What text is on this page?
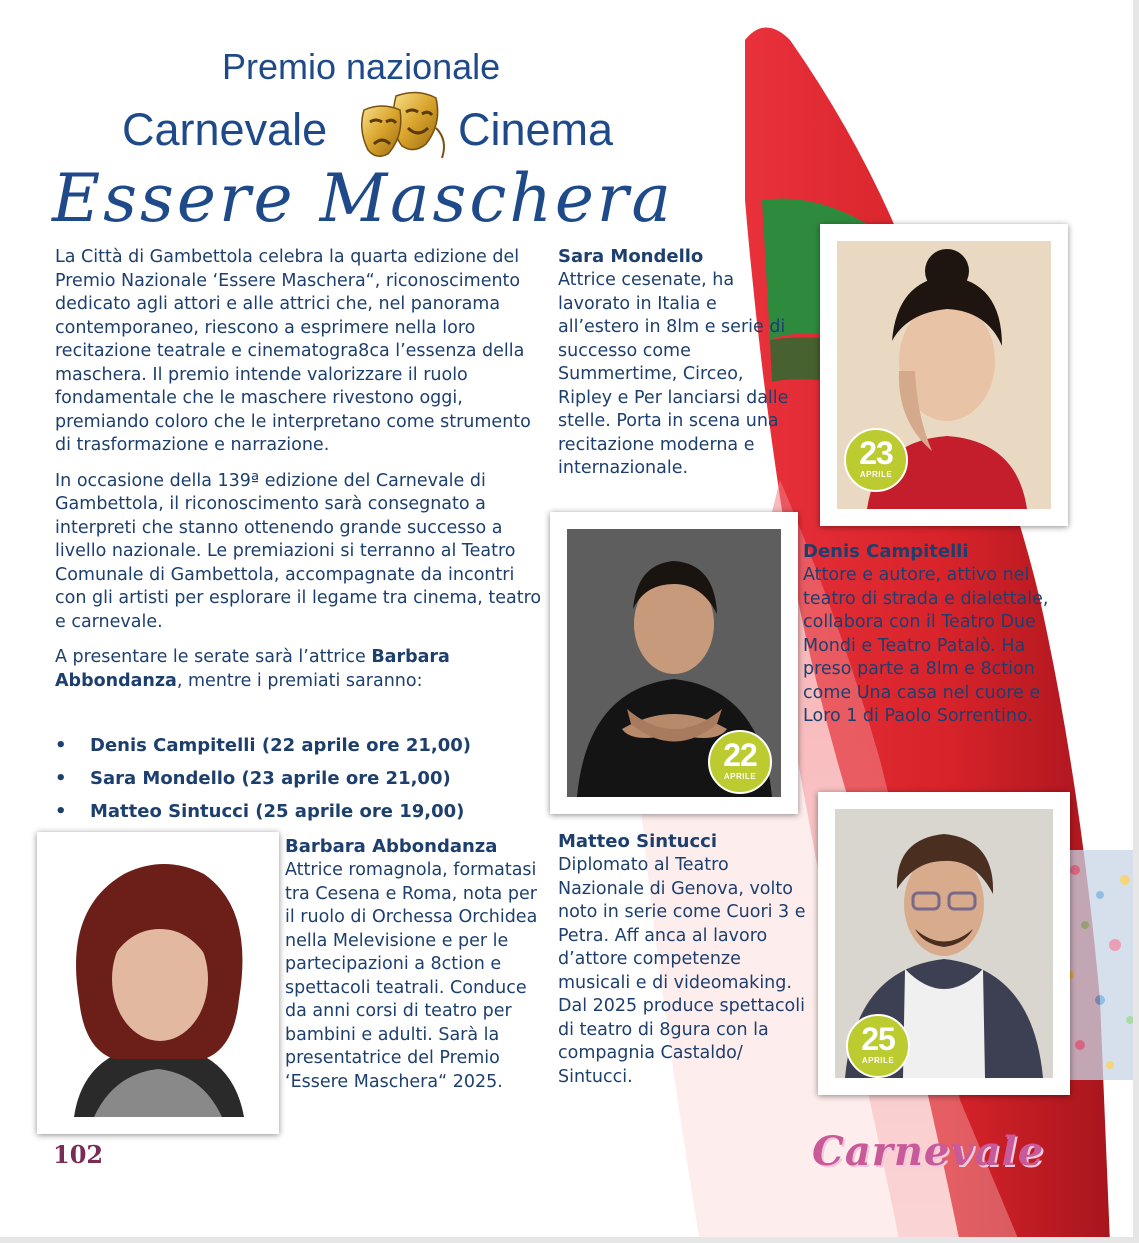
Premio nazionale
Carnevale	Cinema
Essere Maschera

La Città di Gambettola celebra la quarta edizione del Premio Nazionale ‘Essere Maschera“, riconoscimento dedicato agli attori e alle attrici che, nel panorama contemporaneo, riescono a esprimere nella loro recitazione teatrale e cinematogra8ca l’essenza della maschera. Il premio intende valorizzare il ruolo fondamentale che le maschere rivestono oggi, premiando coloro che le interpretano come strumento di trasformazione e narrazione.

In occasione della 139ª edizione del Carnevale di Gambettola, il riconoscimento sarà consegnato a interpreti che stanno ottenendo grande successo a livello nazionale. Le premiazioni si terranno al Teatro Comunale di Gambettola, accompagnate da incontri con gli artisti per esplorare il legame tra cinema, teatro e carnevale.

A presentare le serate sarà l’attrice Barbara Abbondanza, mentre i premiati saranno:

• Denis Campitelli (22 aprile ore 21,00)
• Sara Mondello (23 aprile ore 21,00)
• Matteo Sintucci (25 aprile ore 19,00)
Sara Mondello
Attrice cesenate, ha lavorato in Italia e all’estero in 8lm e serie di successo come Summertime, Circeo, Ripley e Per lanciarsi dalle stelle. Porta in scena una recitazione moderna e internazionale.	23
APRILE
22
APRILE
Denis Campitelli
Attore e autore, attivo nel teatro di strada e dialettale, collabora con il Teatro Due Mondi e Teatro Patalò. Ha preso parte a 8lm e 8ction come Una casa nel cuore e Loro 1 di Paolo Sorrentino.
Barbara Abbondanza
Attrice romagnola, formatasi tra Cesena e Roma, nota per il ruolo di Orchessa Orchidea nella Melevisione e per le partecipazioni a 8ction e spettacoli teatrali. Conduce da anni corsi di teatro per bambini e adulti. Sarà la presentatrice del Premio ‘Essere Maschera“ 2025.
Matteo Sintucci
Diplomato al Teatro Nazionale di Genova, volto noto in serie come Cuori 3 e Petra. Aff anca al lavoro d’attore competenze musicali e di videomaking. Dal 2025 produce spettacoli di teatro di 8gura con la compagnia Castaldo/ Sintucci.
25
APRILE
102	Carnevale
